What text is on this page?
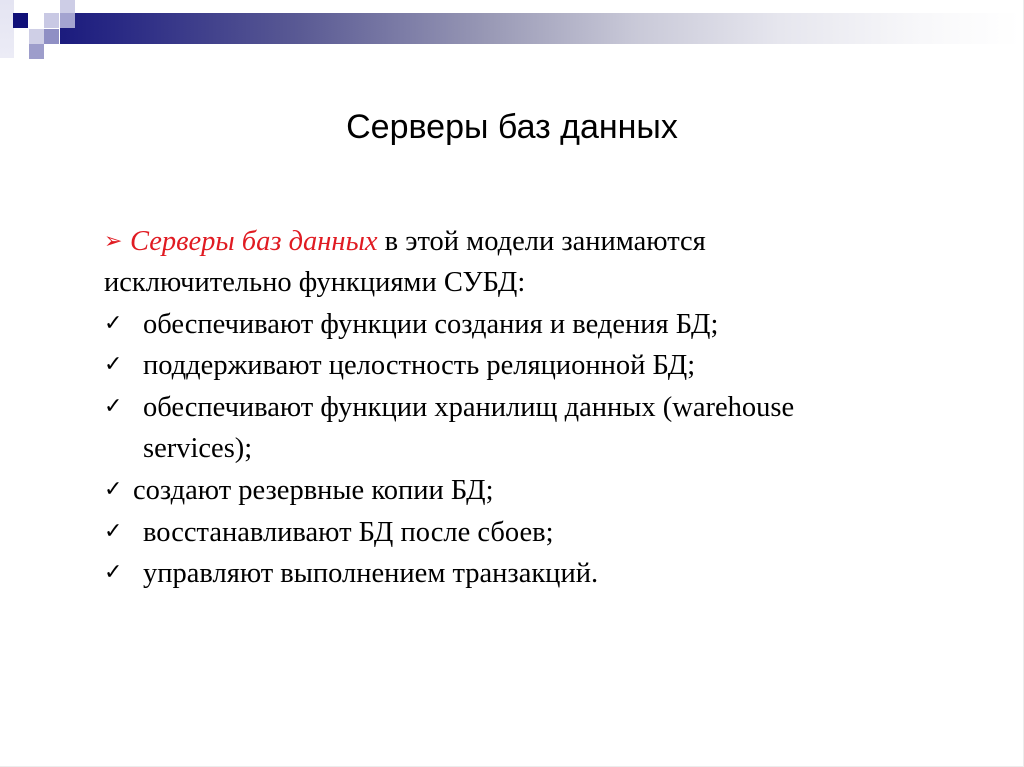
Серверы баз данных
➢ Серверы баз данных в этой модели занимаются
исключительно функциями СУБД:
✓ обеспечивают функции создания и ведения БД;
✓ поддерживают целостность реляционной БД;
✓ обеспечивают функции хранилищ данных (warehouse
services);
✓ создают резервные копии БД;
✓ восстанавливают БД после сбоев;
✓ управляют выполнением транзакций.
